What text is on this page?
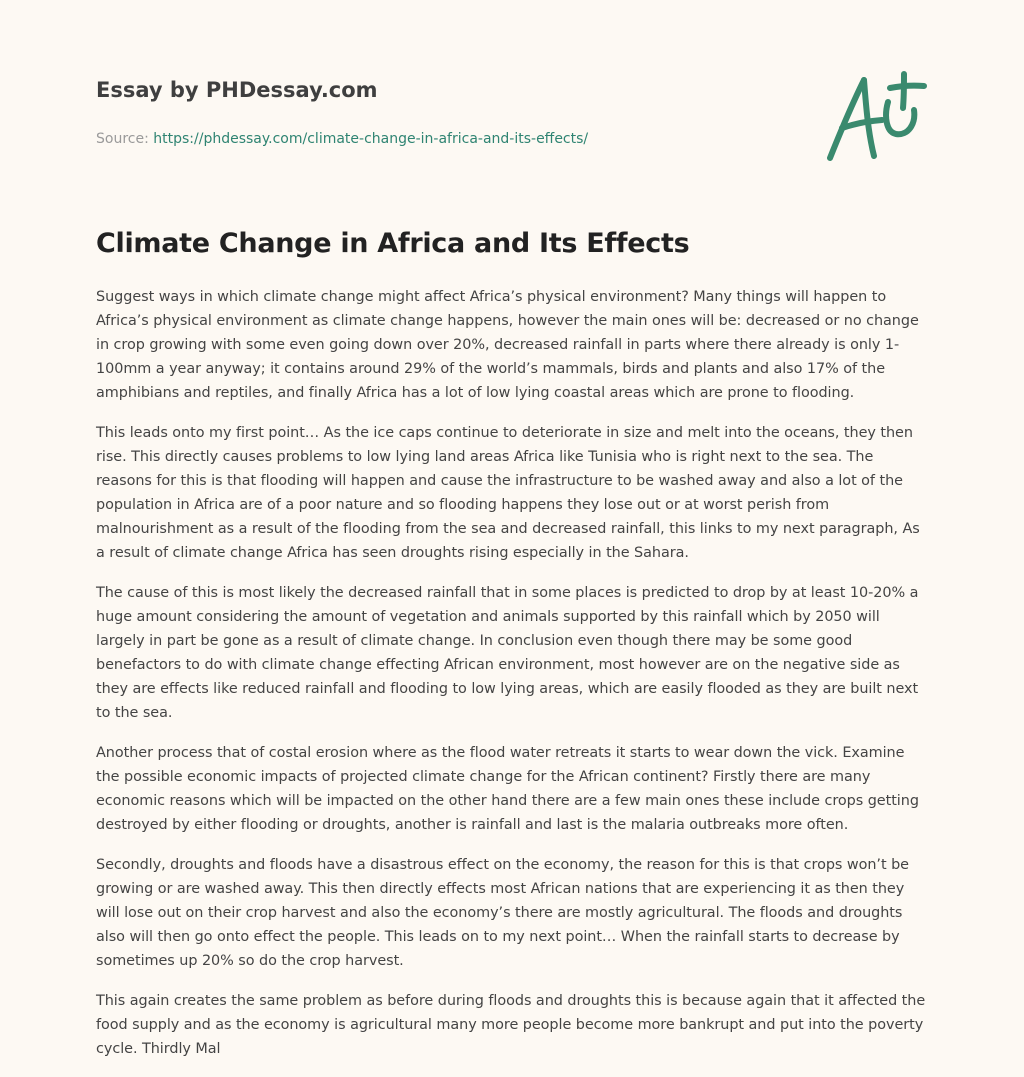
Essay by PHDessay.com
Source: https://phdessay.com/climate-change-in-africa-and-its-effects/
Climate Change in Africa and Its Effects

Suggest ways in which climate change might affect Africa’s physical environment? Many things will happen to Africa’s physical environment as climate change happens, however the main ones will be: decreased or no change in crop growing with some even going down over 20%, decreased rainfall in parts where there already is only 1-100mm a year anyway; it contains around 29% of the world’s mammals, birds and plants and also 17% of the amphibians and reptiles, and finally Africa has a lot of low lying coastal areas which are prone to flooding.

This leads onto my first point… As the ice caps continue to deteriorate in size and melt into the oceans, they then rise. This directly causes problems to low lying land areas Africa like Tunisia who is right next to the sea. The reasons for this is that flooding will happen and cause the infrastructure to be washed away and also a lot of the population in Africa are of a poor nature and so flooding happens they lose out or at worst perish from malnourishment as a result of the flooding from the sea and decreased rainfall, this links to my next paragraph, As a result of climate change Africa has seen droughts rising especially in the Sahara.

The cause of this is most likely the decreased rainfall that in some places is predicted to drop by at least 10-20% a huge amount considering the amount of vegetation and animals supported by this rainfall which by 2050 will largely in part be gone as a result of climate change. In conclusion even though there may be some good benefactors to do with climate change effecting African environment, most however are on the negative side as they are effects like reduced rainfall and flooding to low lying areas, which are easily flooded as they are built next to the sea.

Another process that of costal erosion where as the flood water retreats it starts to wear down the vick. Examine the possible economic impacts of projected climate change for the African continent? Firstly there are many economic reasons which will be impacted on the other hand there are a few main ones these include crops getting destroyed by either flooding or droughts, another is rainfall and last is the malaria outbreaks more often.

Secondly, droughts and floods have a disastrous effect on the economy, the reason for this is that crops won’t be growing or are washed away. This then directly effects most African nations that are experiencing it as then they will lose out on their crop harvest and also the economy’s there are mostly agricultural. The floods and droughts also will then go onto effect the people. This leads on to my next point… When the rainfall starts to decrease by sometimes up 20% so do the crop harvest.

This again creates the same problem as before during floods and droughts this is because again that it affected the food supply and as the economy is agricultural many more people become more bankrupt and put into the poverty cycle. Thirdly Mal
